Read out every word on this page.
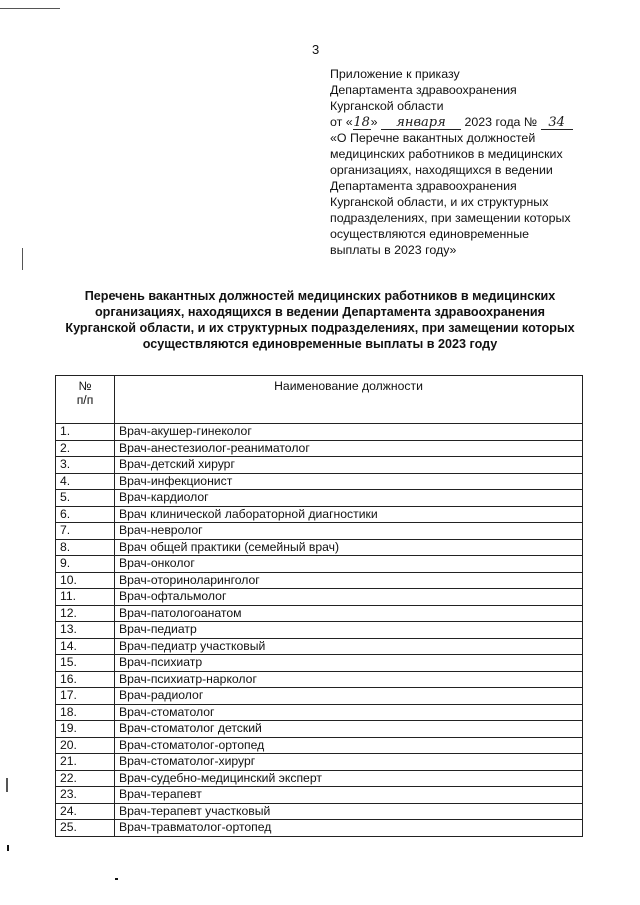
3
Приложение к приказу
Департамента здравоохранения
Курганской области
от «18» января 2023 года № 34
«О Перечне вакантных должностей
медицинских работников в медицинских
организациях, находящихся в ведении
Департамента здравоохранения
Курганской области, и их структурных
подразделениях, при замещении которых
осуществляются единовременные
выплаты в 2023 году»
Перечень вакантных должностей медицинских работников в медицинских
организациях, находящихся в ведении Департамента здравоохранения
Курганской области, и их структурных подразделениях, при замещении которых
осуществляются единовременные выплаты в 2023 году
№
п/п	Наименование должности
1.	Врач-акушер-гинеколог
2.	Врач-анестезиолог-реаниматолог
3.	Врач-детский хирург
4.	Врач-инфекционист
5.	Врач-кардиолог
6.	Врач клинической лабораторной диагностики
7.	Врач-невролог
8.	Врач общей практики (семейный врач)
9.	Врач-онколог
10.	Врач-оториноларинголог
11.	Врач-офтальмолог
12.	Врач-патологоанатом
13.	Врач-педиатр
14.	Врач-педиатр участковый
15.	Врач-психиатр
16.	Врач-психиатр-нарколог
17.	Врач-радиолог
18.	Врач-стоматолог
19.	Врач-стоматолог детский
20.	Врач-стоматолог-ортопед
21.	Врач-стоматолог-хирург
22.	Врач-судебно-медицинский эксперт
23.	Врач-терапевт
24.	Врач-терапевт участковый
25.	Врач-травматолог-ортопед
